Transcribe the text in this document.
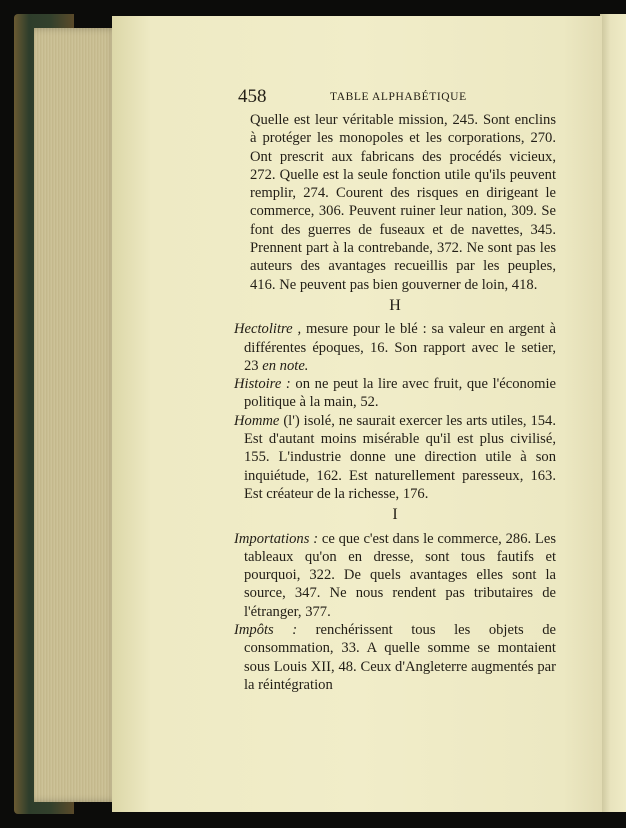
458	TABLE ALPHABÉTIQUE

Quelle est leur véritable mission, 245. Sont enclins à protéger les monopoles et les corporations, 270. Ont prescrit aux fabricans des procédés vicieux, 272. Quelle est la seule fonction utile qu'ils peuvent remplir, 274. Courent des risques en dirigeant le commerce, 306. Peuvent ruiner leur nation, 309. Se font des guerres de fuseaux et de navettes, 345. Prennent part à la contrebande, 372. Ne sont pas les auteurs des avantages recueillis par les peuples, 416. Ne peuvent pas bien gouverner de loin, 418.

H

Hectolitre , mesure pour le blé : sa valeur en argent à différentes époques, 16. Son rapport avec le setier, 23 en note.

Histoire : on ne peut la lire avec fruit, que l'économie politique à la main, 52.

Homme (l') isolé, ne saurait exercer les arts utiles, 154. Est d'autant moins misérable qu'il est plus civilisé, 155. L'industrie donne une direction utile à son inquiétude, 162. Est naturellement paresseux, 163. Est créateur de la richesse, 176.

I

Importations : ce que c'est dans le commerce, 286. Les tableaux qu'on en dresse, sont tous fautifs et pourquoi, 322. De quels avantages elles sont la source, 347. Ne nous rendent pas tributaires de l'étranger, 377.

Impôts : renchérissent tous les objets de consommation, 33. A quelle somme se montaient sous Louis XII, 48. Ceux d'Angleterre augmentés par la réintégration
